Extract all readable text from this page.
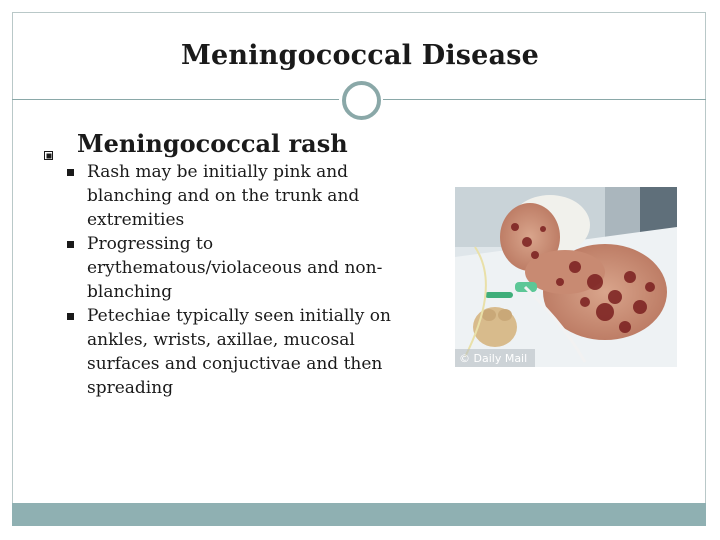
Meningococcal Disease
Meningococcal rash
Rash may be initially pink and blanching and on the trunk and extremities
Progressing to erythematous/violaceous and non-blanching
Petechiae typically seen initially on ankles, wrists, axillae, mucosal surfaces and conjuctivae and then spreading
© Daily Mail
